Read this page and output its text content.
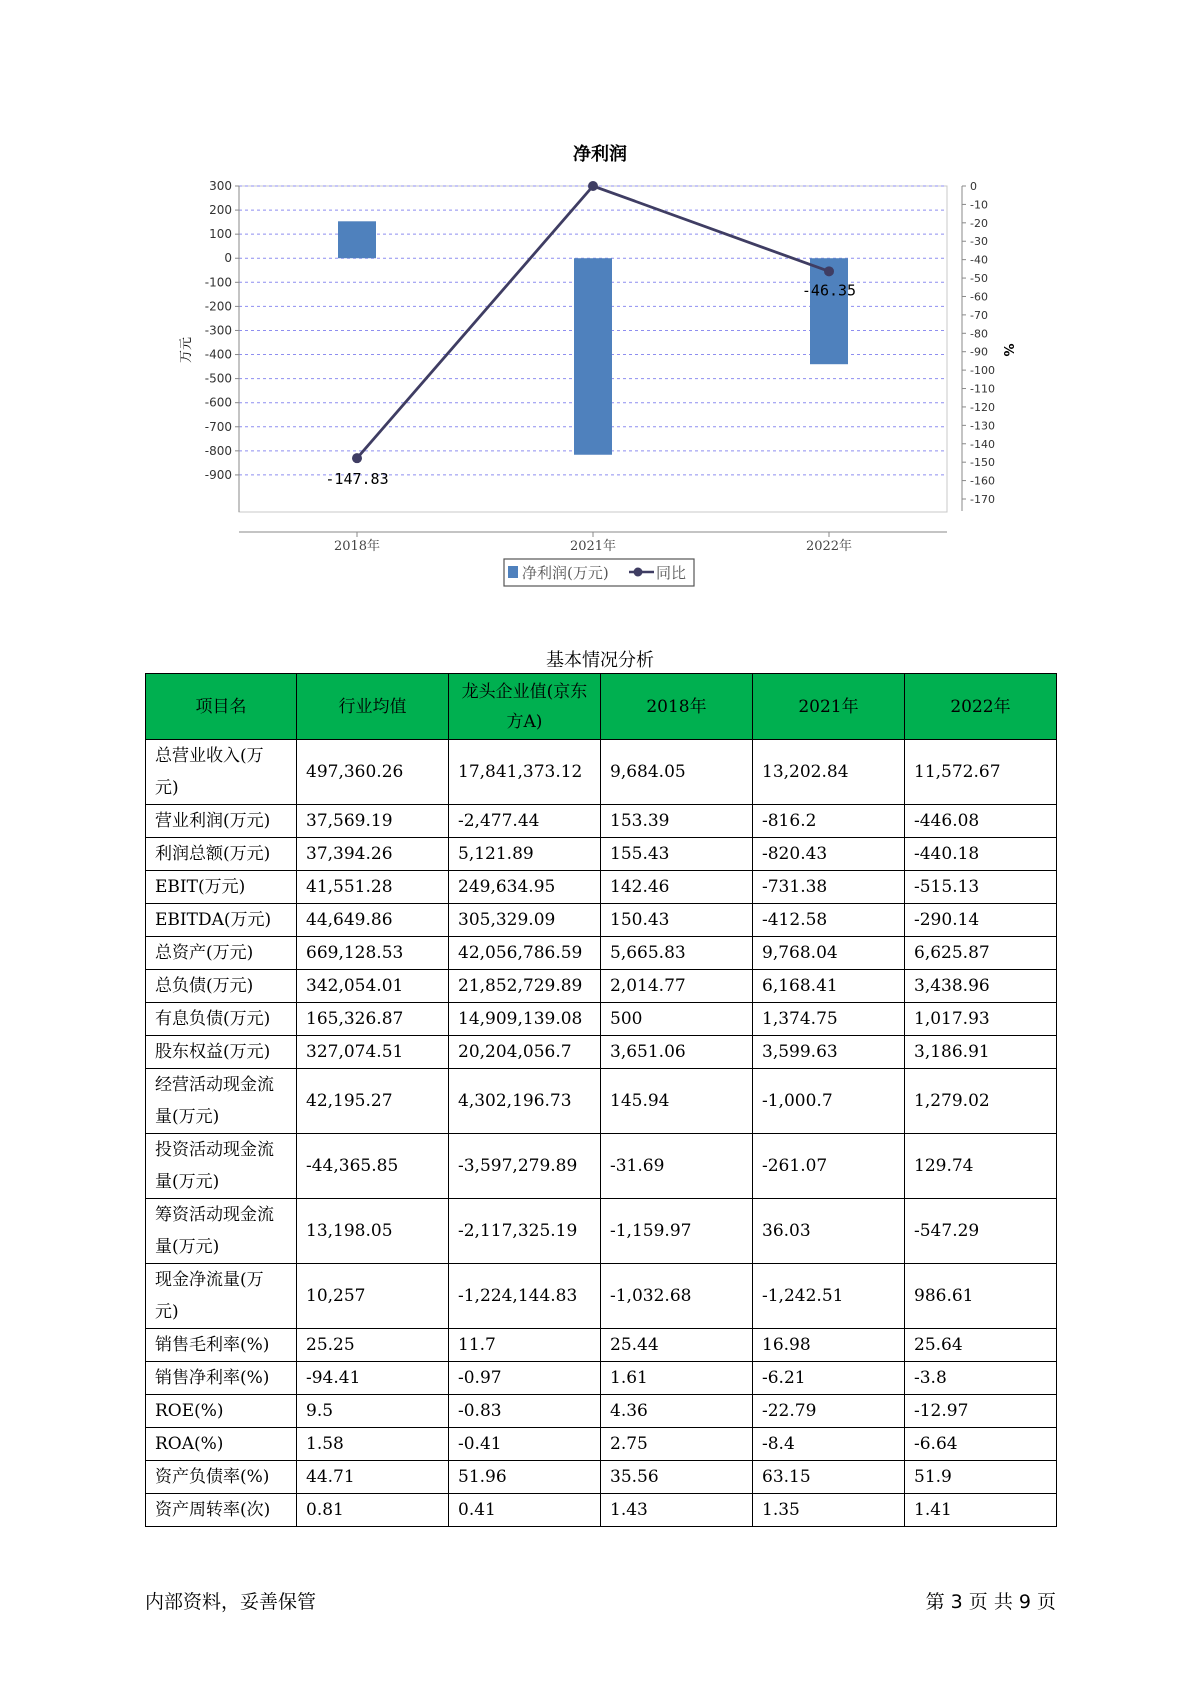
净利润
300
200
100
0
-100
-200
-300
-400
-500
-600
-700
-800
-900
0
-10
-20
-30
-40
-50
-60
-70
-80
-90
-100
-110
-120
-130
-140
-150
-160
-170
2018年	2021年	2022年
-147.83
-46.35
万元	%
净利润(万元)	同比
基本情况分析
项目名	行业均值	龙头企业值(京东方A)	2018年	2021年	2022年
总营业收入(万元)	497,360.26	17,841,373.12	9,684.05	13,202.84	11,572.67
营业利润(万元)	37,569.19	-2,477.44	153.39	-816.2	-446.08
利润总额(万元)	37,394.26	5,121.89	155.43	-820.43	-440.18
EBIT(万元)	41,551.28	249,634.95	142.46	-731.38	-515.13
EBITDA(万元)	44,649.86	305,329.09	150.43	-412.58	-290.14
总资产(万元)	669,128.53	42,056,786.59	5,665.83	9,768.04	6,625.87
总负债(万元)	342,054.01	21,852,729.89	2,014.77	6,168.41	3,438.96
有息负债(万元)	165,326.87	14,909,139.08	500	1,374.75	1,017.93
股东权益(万元)	327,074.51	20,204,056.7	3,651.06	3,599.63	3,186.91
经营活动现金流量(万元)	42,195.27	4,302,196.73	145.94	-1,000.7	1,279.02
投资活动现金流量(万元)	-44,365.85	-3,597,279.89	-31.69	-261.07	129.74
筹资活动现金流量(万元)	13,198.05	-2,117,325.19	-1,159.97	36.03	-547.29
现金净流量(万元)	10,257	-1,224,144.83	-1,032.68	-1,242.51	986.61
销售毛利率(%)	25.25	11.7	25.44	16.98	25.64
销售净利率(%)	-94.41	-0.97	1.61	-6.21	-3.8
ROE(%)	9.5	-0.83	4.36	-22.79	-12.97
ROA(%)	1.58	-0.41	2.75	-8.4	-6.64
资产负债率(%)	44.71	51.96	35.56	63.15	51.9
资产周转率(次)	0.81	0.41	1.43	1.35	1.41
内部资料，妥善保管	第 3 页 共 9 页
